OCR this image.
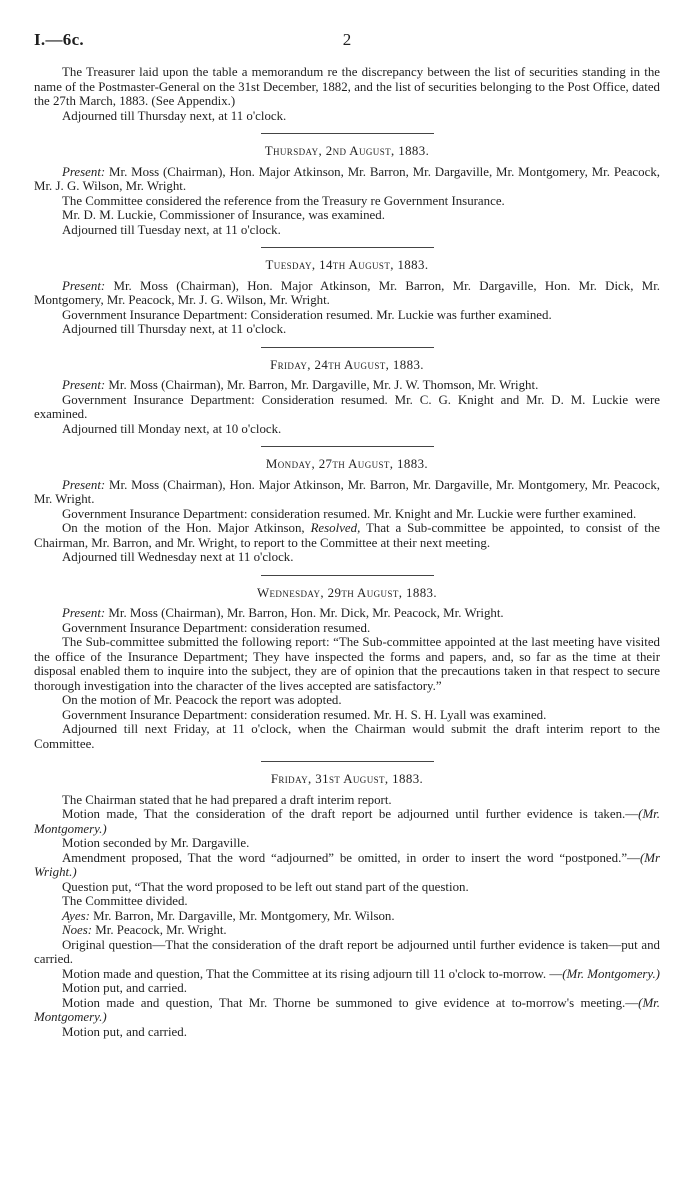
I.—6c.	2

The Treasurer laid upon the table a memorandum re the discrepancy between the list of securities standing in the name of the Postmaster-General on the 31st December, 1882, and the list of securities belonging to the Post Office, dated the 27th March, 1883. (See Appendix.)

Adjourned till Thursday next, at 11 o'clock.

Thursday, 2nd August, 1883.

Present: Mr. Moss (Chairman), Hon. Major Atkinson, Mr. Barron, Mr. Dargaville, Mr. Montgomery, Mr. Peacock, Mr. J. G. Wilson, Mr. Wright.

The Committee considered the reference from the Treasury re Government Insurance.

Mr. D. M. Luckie, Commissioner of Insurance, was examined.

Adjourned till Tuesday next, at 11 o'clock.

Tuesday, 14th August, 1883.

Present: Mr. Moss (Chairman), Hon. Major Atkinson, Mr. Barron, Mr. Dargaville, Hon. Mr. Dick, Mr. Montgomery, Mr. Peacock, Mr. J. G. Wilson, Mr. Wright.

Government Insurance Department: Consideration resumed. Mr. Luckie was further examined.

Adjourned till Thursday next, at 11 o'clock.

Friday, 24th August, 1883.

Present: Mr. Moss (Chairman), Mr. Barron, Mr. Dargaville, Mr. J. W. Thomson, Mr. Wright.

Government Insurance Department: Consideration resumed. Mr. C. G. Knight and Mr. D. M. Luckie were examined.

Adjourned till Monday next, at 10 o'clock.

Monday, 27th August, 1883.

Present: Mr. Moss (Chairman), Hon. Major Atkinson, Mr. Barron, Mr. Dargaville, Mr. Montgomery, Mr. Peacock, Mr. Wright.

Government Insurance Department: consideration resumed. Mr. Knight and Mr. Luckie were further examined.

On the motion of the Hon. Major Atkinson, Resolved, That a Sub-committee be appointed, to consist of the Chairman, Mr. Barron, and Mr. Wright, to report to the Committee at their next meeting.

Adjourned till Wednesday next at 11 o'clock.

Wednesday, 29th August, 1883.

Present: Mr. Moss (Chairman), Mr. Barron, Hon. Mr. Dick, Mr. Peacock, Mr. Wright.

Government Insurance Department: consideration resumed.

The Sub-committee submitted the following report: “The Sub-committee appointed at the last meeting have visited the office of the Insurance Department; They have inspected the forms and papers, and, so far as the time at their disposal enabled them to inquire into the subject, they are of opinion that the precautions taken in that respect to secure thorough investigation into the character of the lives accepted are satisfactory.”

On the motion of Mr. Peacock the report was adopted.

Government Insurance Department: consideration resumed. Mr. H. S. H. Lyall was examined.

Adjourned till next Friday, at 11 o'clock, when the Chairman would submit the draft interim report to the Committee.

Friday, 31st August, 1883.

The Chairman stated that he had prepared a draft interim report.

Motion made, That the consideration of the draft report be adjourned until further evidence is taken.—(Mr. Montgomery.)

Motion seconded by Mr. Dargaville.

Amendment proposed, That the word “adjourned” be omitted, in order to insert the word “postponed.”—(Mr Wright.)

Question put, “That the word proposed to be left out stand part of the question.

The Committee divided.

Ayes: Mr. Barron, Mr. Dargaville, Mr. Montgomery, Mr. Wilson.

Noes: Mr. Peacock, Mr. Wright.

Original question—That the consideration of the draft report be adjourned until further evidence is taken—put and carried.

Motion made and question, That the Committee at its rising adjourn till 11 o'clock to-morrow. —(Mr. Montgomery.)

Motion put, and carried.

Motion made and question, That Mr. Thorne be summoned to give evidence at to-morrow's meeting.—(Mr. Montgomery.)

Motion put, and carried.
